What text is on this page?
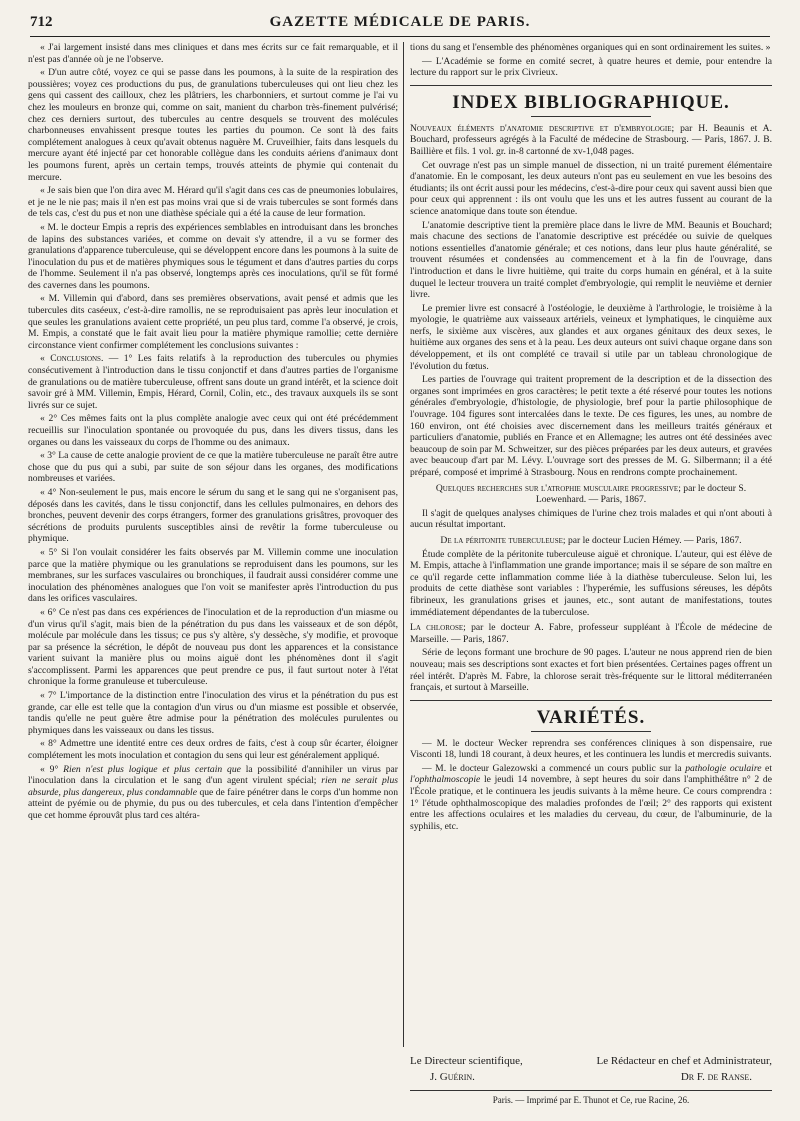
712	GAZETTE MÉDICALE DE PARIS.

« J'ai largement insisté dans mes cliniques et dans mes écrits sur ce fait remarquable, et il n'est pas d'année où je ne l'observe.

« D'un autre côté, voyez ce qui se passe dans les poumons, à la suite de la respiration des poussières; voyez ces productions du pus, de granulations tuberculeuses qui ont lieu chez les gens qui cassent des cailloux, chez les plâtriers, les charbonniers, et surtout comme je l'ai vu chez les mouleurs en bronze qui, comme on sait, manient du charbon très-finement pulvérisé; chez ces derniers surtout, des tubercules au centre desquels se trouvent des molécules charbonneuses envahissent presque toutes les parties du poumon. Ce sont là des faits complétement analogues à ceux qu'avait obtenus naguère M. Cruveilhier, faits dans lesquels du mercure ayant été injecté par cet honorable collègue dans les conduits aériens d'animaux dont les poumons furent, après un certain temps, trouvés atteints de phymie qui contenait du mercure.

« Je sais bien que l'on dira avec M. Hérard qu'il s'agit dans ces cas de pneumonies lobulaires, et je ne le nie pas; mais il n'en est pas moins vrai que si de vrais tubercules se sont formés dans de tels cas, c'est du pus et non une diathèse spéciale qui a été la cause de leur formation.

« M. le docteur Empis a repris des expériences semblables en introduisant dans les bronches de lapins des substances variées, et comme on devait s'y attendre, il a vu se former des granulations d'apparence tuberculeuse, qui se développent encore dans les poumons à la suite de l'inoculation du pus et de matières phymiques sous le tégument et dans d'autres parties du corps de l'homme. Seulement il n'a pas observé, longtemps après ces inoculations, qu'il se fût formé des cavernes dans les poumons.

« M. Villemin qui d'abord, dans ses premières observations, avait pensé et admis que les tubercules dits caséeux, c'est-à-dire ramollis, ne se reproduisaient pas après leur inoculation et que seules les granulations avaient cette propriété, un peu plus tard, comme l'a observé, je crois, M. Empis, a constaté que le fait avait lieu pour la matière phymique ramollie; cette dernière circonstance vient confirmer complétement les conclusions suivantes :

« Conclusions. — 1° Les faits relatifs à la reproduction des tubercules ou phymies consécutivement à l'introduction dans le tissu conjonctif et dans d'autres parties de l'organisme de granulations ou de matière tuberculeuse, offrent sans doute un grand intérêt, et la science doit savoir gré à MM. Villemin, Empis, Hérard, Cornil, Colin, etc., des travaux auxquels ils se sont livrés sur ce sujet.

« 2° Ces mêmes faits ont la plus complète analogie avec ceux qui ont été précédemment recueillis sur l'inoculation spontanée ou provoquée du pus, dans les divers tissus, dans les organes ou dans les vaisseaux du corps de l'homme ou des animaux.

« 3° La cause de cette analogie provient de ce que la matière tuberculeuse ne paraît être autre chose que du pus qui a subi, par suite de son séjour dans les organes, des modifications nombreuses et variées.

« 4° Non-seulement le pus, mais encore le sérum du sang et le sang qui ne s'organisent pas, déposés dans les cavités, dans le tissu conjonctif, dans les cellules pulmonaires, en dehors des bronches, peuvent devenir des corps étrangers, former des granulations grisâtres, provoquer des sécrétions de produits purulents susceptibles ainsi de revêtir la forme tuberculeuse ou phymique.

« 5° Si l'on voulait considérer les faits observés par M. Villemin comme une inoculation parce que la matière phymique ou les granulations se reproduisent dans les poumons, sur les membranes, sur les surfaces vasculaires ou bronchiques, il faudrait aussi considérer comme une inoculation des phénomènes analogues que l'on voit se manifester après l'introduction du pus dans les orifices vasculaires.

« 6° Ce n'est pas dans ces expériences de l'inoculation et de la reproduction d'un miasme ou d'un virus qu'il s'agit, mais bien de la pénétration du pus dans les vaisseaux et de son dépôt, molécule par molécule dans les tissus; ce pus s'y altère, s'y dessèche, s'y modifie, et provoque par sa présence la sécrétion, le dépôt de nouveau pus dont les apparences et la consistance varient suivant la manière plus ou moins aiguë dont les phénomènes dont il s'agit s'accomplissent. Parmi les apparences que peut prendre ce pus, il faut surtout noter à l'état chronique la forme granuleuse et tuberculeuse.

« 7° L'importance de la distinction entre l'inoculation des virus et la pénétration du pus est grande, car elle est telle que la contagion d'un virus ou d'un miasme est possible et observée, tandis qu'elle ne peut guère être admise pour la pénétration des molécules purulentes ou phymiques dans les vaisseaux ou dans les tissus.

« 8° Admettre une identité entre ces deux ordres de faits, c'est à coup sûr écarter, éloigner complétement les mots inoculation et contagion du sens qui leur est généralement appliqué.

« 9° Rien n'est plus logique et plus certain que la possibilité d'annihiler un virus par l'inoculation dans la circulation et le sang d'un agent virulent spécial; rien ne serait plus absurde, plus dangereux, plus condamnable que de faire pénétrer dans le corps d'un homme non atteint de pyémie ou de phymie, du pus ou des tubercules, et cela dans l'intention d'empêcher que cet homme éprouvât plus tard ces altéra-

tions du sang et l'ensemble des phénomènes organiques qui en sont ordinairement les suites. »

— L'Académie se forme en comité secret, à quatre heures et demie, pour entendre la lecture du rapport sur le prix Civrieux.

INDEX BIBLIOGRAPHIQUE.

Nouveaux éléments d'anatomie descriptive et d'embryologie; par H. Beaunis et A. Bouchard, professeurs agrégés à la Faculté de médecine de Strasbourg. — Paris, 1867. J. B. Baillière et fils. 1 vol. gr. in-8 cartonné de xv-1,048 pages.

Cet ouvrage n'est pas un simple manuel de dissection, ni un traité purement élémentaire d'anatomie. En le composant, les deux auteurs n'ont pas eu seulement en vue les besoins des étudiants; ils ont écrit aussi pour les médecins, c'est-à-dire pour ceux qui savent aussi bien que pour ceux qui apprennent : ils ont voulu que les uns et les autres fussent au courant de la science anatomique dans toute son étendue.

L'anatomie descriptive tient la première place dans le livre de MM. Beaunis et Bouchard; mais chacune des sections de l'anatomie descriptive est précédée ou suivie de quelques notions essentielles d'anatomie générale; et ces notions, dans leur plus haute généralité, se trouvent résumées et condensées au commencement et à la fin de l'ouvrage, dans l'introduction et dans le livre huitième, qui traite du corps humain en général, et à la suite duquel le lecteur trouvera un traité complet d'embryologie, qui remplit le neuvième et dernier livre.

Le premier livre est consacré à l'ostéologie, le deuxième à l'arthrologie, le troisième à la myologie, le quatrième aux vaisseaux artériels, veineux et lymphatiques, le cinquième aux nerfs, le sixième aux viscères, aux glandes et aux organes génitaux des deux sexes, le huitième aux organes des sens et à la peau. Les deux auteurs ont suivi chaque organe dans son développement, et ils ont complété ce travail si utile par un tableau chronologique de l'évolution du fœtus.

Les parties de l'ouvrage qui traitent proprement de la description et de la dissection des organes sont imprimées en gros caractères; le petit texte a été réservé pour toutes les notions générales d'embryologie, d'histologie, de physiologie, bref pour la partie philosophique de l'ouvrage. 104 figures sont intercalées dans le texte. De ces figures, les unes, au nombre de 160 environ, ont été choisies avec discernement dans les meilleurs traités généraux et particuliers d'anatomie, publiés en France et en Allemagne; les autres ont été dessinées avec beaucoup de soin par M. Schweitzer, sur des pièces préparées par les deux auteurs, et gravées avec beaucoup d'art par M. Lévy. L'ouvrage sort des presses de M. G. Silbermann; il a été préparé, composé et imprimé à Strasbourg. Nous en rendrons compte prochainement.

Quelques recherches sur l'atrophie musculaire progressive; par le docteur S. Loewenhard. — Paris, 1867.

Il s'agit de quelques analyses chimiques de l'urine chez trois malades et qui n'ont abouti à aucun résultat important.

De la péritonite tuberculeuse; par le docteur Lucien Hémey. — Paris, 1867.

Étude complète de la péritonite tuberculeuse aiguë et chronique. L'auteur, qui est élève de M. Empis, attache à l'inflammation une grande importance; mais il se sépare de son maître en ce qu'il regarde cette inflammation comme liée à la diathèse tuberculeuse. Selon lui, les produits de cette diathèse sont variables : l'hyperémie, les suffusions séreuses, les dépôts fibrineux, les granulations grises et jaunes, etc., sont autant de manifestations, toutes immédiatement dépendantes de la tuberculose.

La chlorose; par le docteur A. Fabre, professeur suppléant à l'École de médecine de Marseille. — Paris, 1867.

Série de leçons formant une brochure de 90 pages. L'auteur ne nous apprend rien de bien nouveau; mais ses descriptions sont exactes et fort bien présentées. Certaines pages offrent un réel intérêt. D'après M. Fabre, la chlorose serait très-fréquente sur le littoral méditerranéen français, et surtout à Marseille.

VARIÉTÉS.

— M. le docteur Wecker reprendra ses conférences cliniques à son dispensaire, rue Visconti 18, lundi 18 courant, à deux heures, et les continuera les lundis et mercredis suivants.

— M. le docteur Galezowski a commencé un cours public sur la pathologie oculaire et l'ophthalmoscopie le jeudi 14 novembre, à sept heures du soir dans l'amphithéâtre n° 2 de l'École pratique, et le continuera les jeudis suivants à la même heure. Ce cours comprendra : 1° l'étude ophthalmoscopique des maladies profondes de l'œil; 2° des rapports qui existent entre les affections oculaires et les maladies du cerveau, du cœur, de l'albuminurie, de la syphilis, etc.

Le Directeur scientifique,	Le Rédacteur en chef et Administrateur,
J. Guérin.	Dr F. de Ranse.
Paris. — Imprimé par E. Thunot et Ce, rue Racine, 26.
